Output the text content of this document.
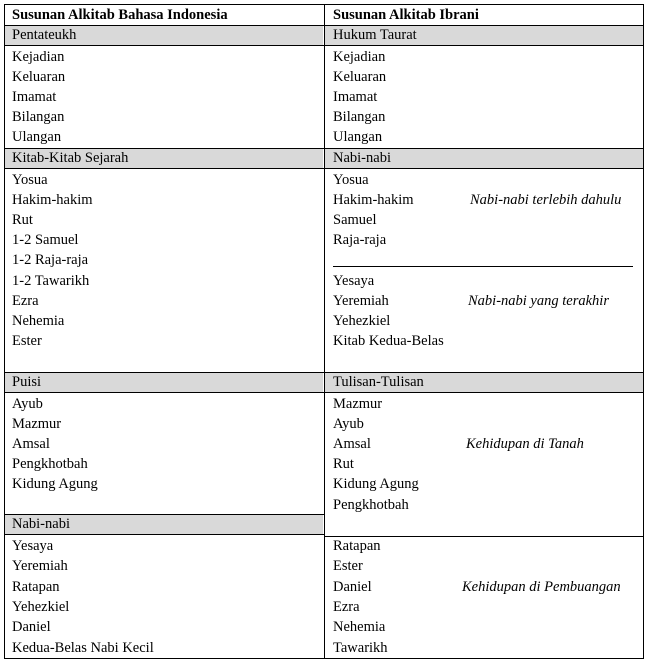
Susunan Alkitab Bahasa Indonesia	Susunan Alkitab Ibrani
Pentateukh
Kejadian
Keluaran
Imamat
Bilangan
Ulangan
Hukum Taurat
Kejadian
Keluaran
Imamat
Bilangan
Ulangan
Kitab-Kitab Sejarah
Yosua
Hakim-hakim
Rut
1-2 Samuel
1-2 Raja-raja
1-2 Tawarikh
Ezra
Nehemia
Ester
Nabi-nabi
Yosua
Hakim-hakim
Samuel
Raja-raja
Nabi-nabi terlebih dahulu
Yesaya
Yeremiah
Yehezkiel
Kitab Kedua-Belas
Nabi-nabi yang terakhir
Puisi
Ayub
Mazmur
Amsal
Pengkhotbah
Kidung Agung
Tulisan-Tulisan
Mazmur
Ayub
Amsal
Rut
Kidung Agung
Pengkhotbah
Kehidupan di Tanah
Nabi-nabi
Yesaya
Yeremiah
Ratapan
Yehezkiel
Daniel
Kedua-Belas Nabi Kecil
Ratapan
Ester
Daniel
Ezra
Nehemia
Tawarikh
Kehidupan di Pembuangan
